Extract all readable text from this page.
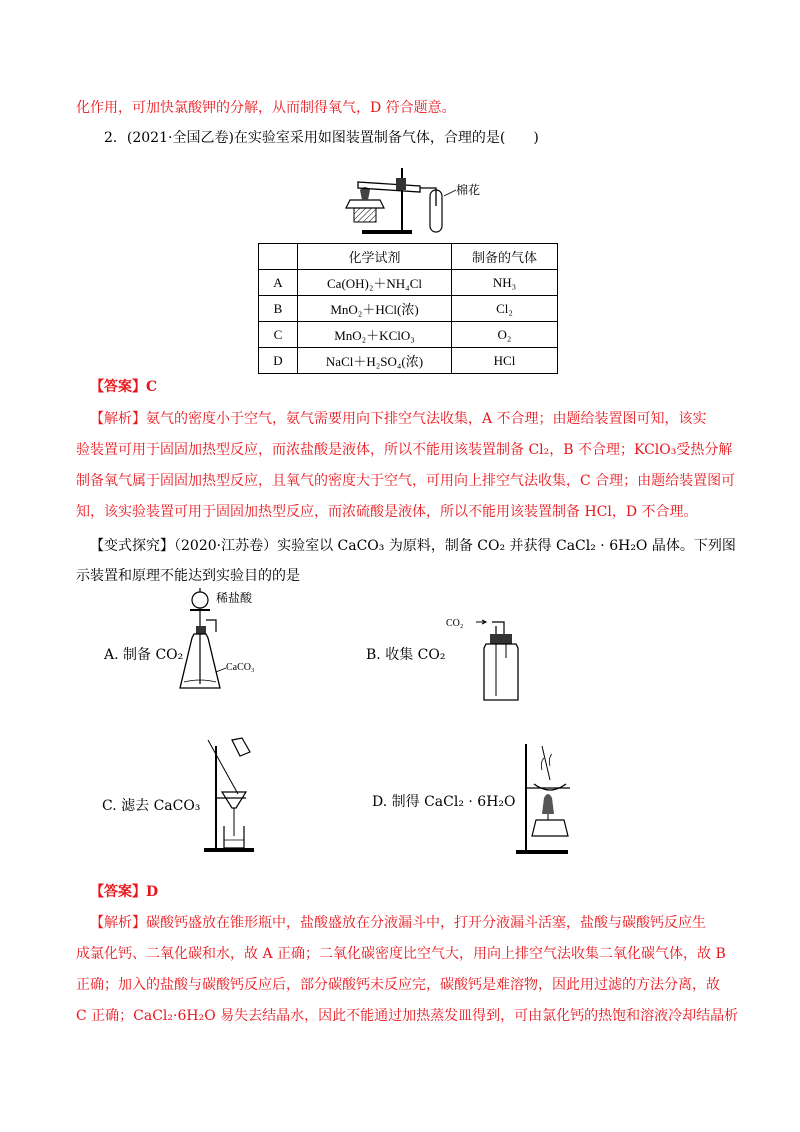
化作用，可加快氯酸钾的分解，从而制得氧气，D 符合题意。
2．(2021·全国乙卷)在实验室采用如图装置制备气体，合理的是(　　)
棉花
	化学试剂	制备的气体
A	Ca(OH)₂＋NH₄Cl	NH₃
B	MnO₂＋HCl(浓)	Cl₂
C	MnO₂＋KClO₃	O₂
D	NaCl＋H₂SO₄(浓)	HCl
【答案】C
【解析】氨气的密度小于空气，氨气需要用向下排空气法收集，A 不合理；由题给装置图可知，该实
验装置可用于固固加热型反应，而浓盐酸是液体，所以不能用该装置制备 Cl₂，B 不合理；KClO₃受热分解
制备氧气属于固固加热型反应，且氧气的密度大于空气，可用向上排空气法收集，C 合理；由题给装置图可
知，该实验装置可用于固固加热型反应，而浓硫酸是液体，所以不能用该装置制备 HCl，D 不合理。
【变式探究】（2020·江苏卷）实验室以 CaCO₃ 为原料，制备 CO₂ 并获得 CaCl₂ · 6H₂O 晶体。下列图
示装置和原理不能达到实验目的的是
稀盐酸
CaCO₃
A. 制备 CO₂
CO₂
B. 收集 CO₂
C. 滤去 CaCO₃	D. 制得 CaCl₂ · 6H₂O
【答案】D
【解析】碳酸钙盛放在锥形瓶中，盐酸盛放在分液漏斗中，打开分液漏斗活塞，盐酸与碳酸钙反应生
成氯化钙、二氧化碳和水，故 A 正确；二氧化碳密度比空气大，用向上排空气法收集二氧化碳气体，故 B
正确；加入的盐酸与碳酸钙反应后，部分碳酸钙未反应完，碳酸钙是难溶物，因此用过滤的方法分离，故
C 正确；CaCl₂·6H₂O 易失去结晶水，因此不能通过加热蒸发皿得到，可由氯化钙的热饱和溶液冷却结晶析
